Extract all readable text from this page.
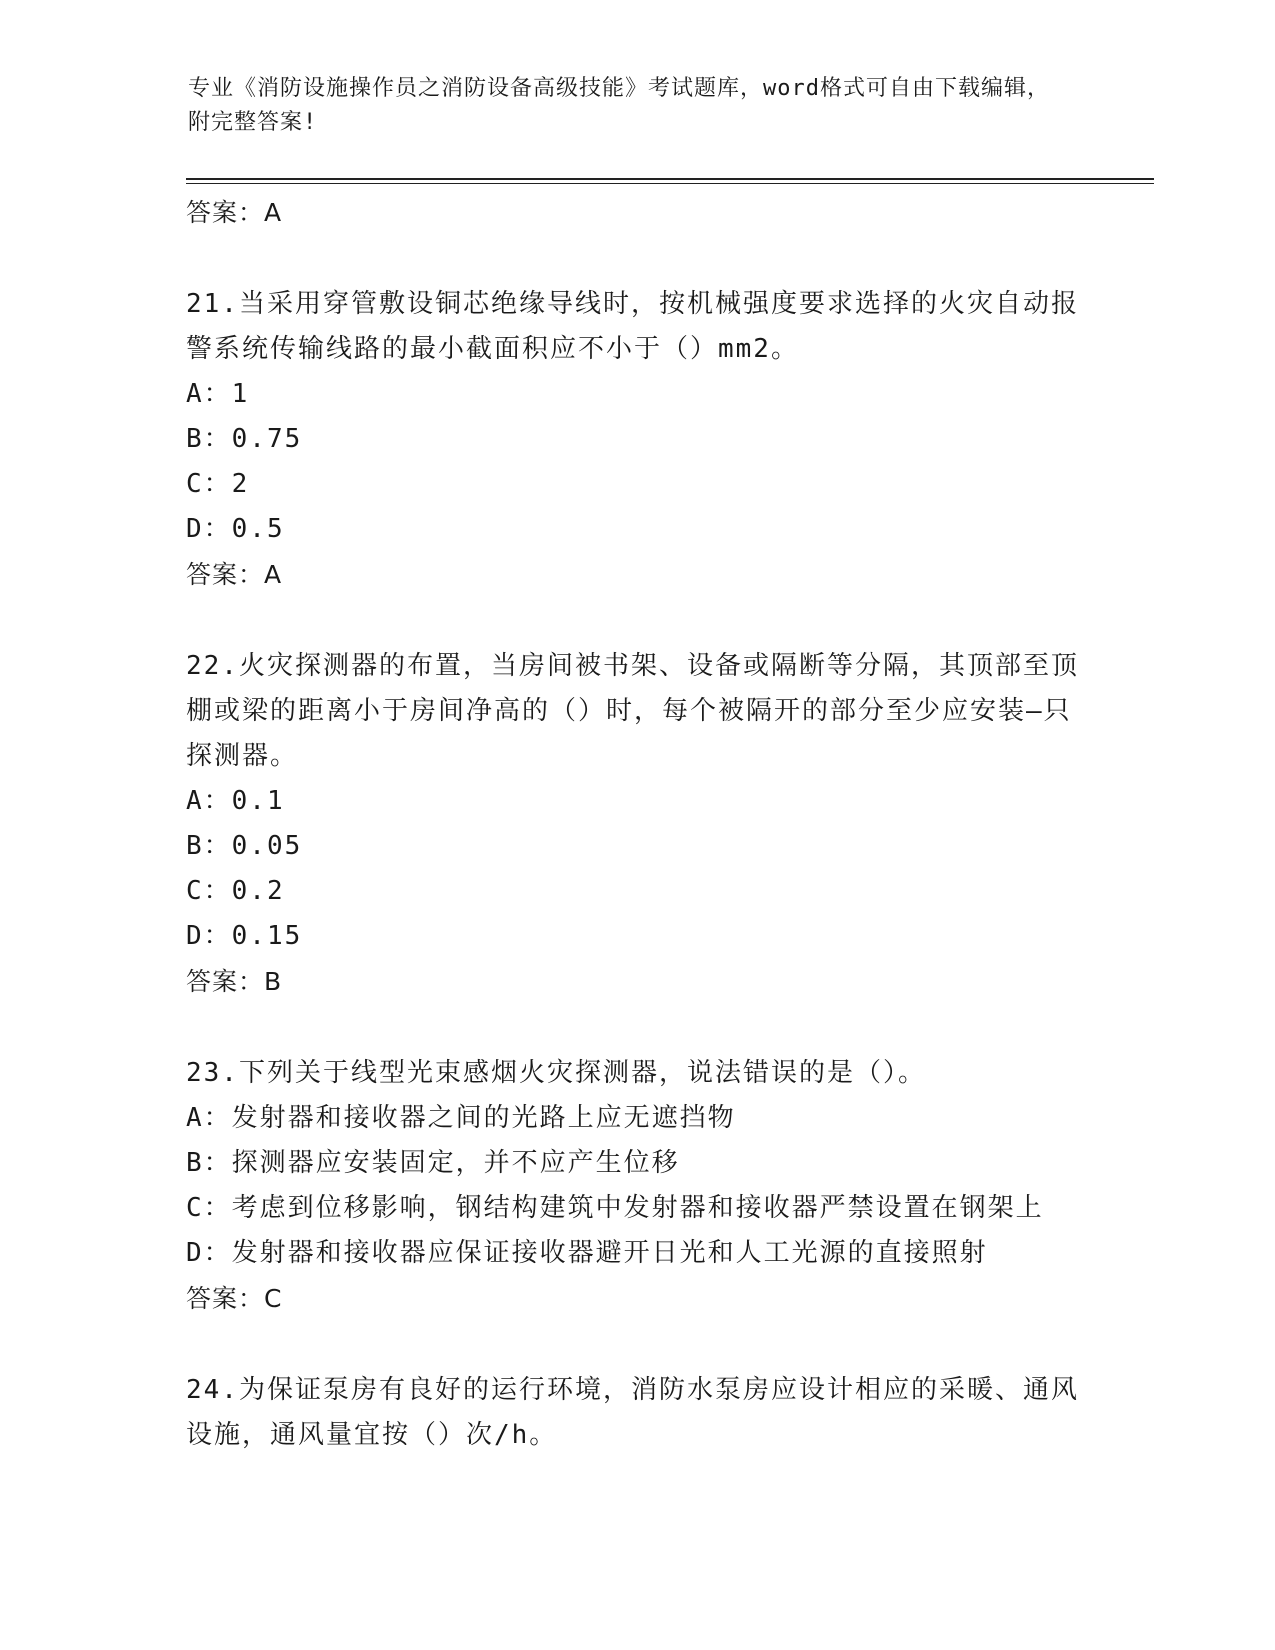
专业《消防设施操作员之消防设备高级技能》考试题库，word格式可自由下载编辑，附完整答案!
答案：A
21.当采用穿管敷设铜芯绝缘导线时，按机械强度要求选择的火灾自动报警系统传输线路的最小截面积应不小于（）mm2。
A：1
B：0.75
C：2
D：0.5
答案：A
22.火灾探测器的布置，当房间被书架、设备或隔断等分隔，其顶部至顶棚或梁的距离小于房间净高的（）时，每个被隔开的部分至少应安装—只探测器。
A：0.1
B：0.05
C：0.2
D：0.15
答案：B
23.下列关于线型光束感烟火灾探测器，说法错误的是（）。
A：发射器和接收器之间的光路上应无遮挡物
B：探测器应安装固定，并不应产生位移
C：考虑到位移影响，钢结构建筑中发射器和接收器严禁设置在钢架上
D：发射器和接收器应保证接收器避开日光和人工光源的直接照射
答案：C
24.为保证泵房有良好的运行环境，消防水泵房应设计相应的采暖、通风设施，通风量宜按（）次/h。
